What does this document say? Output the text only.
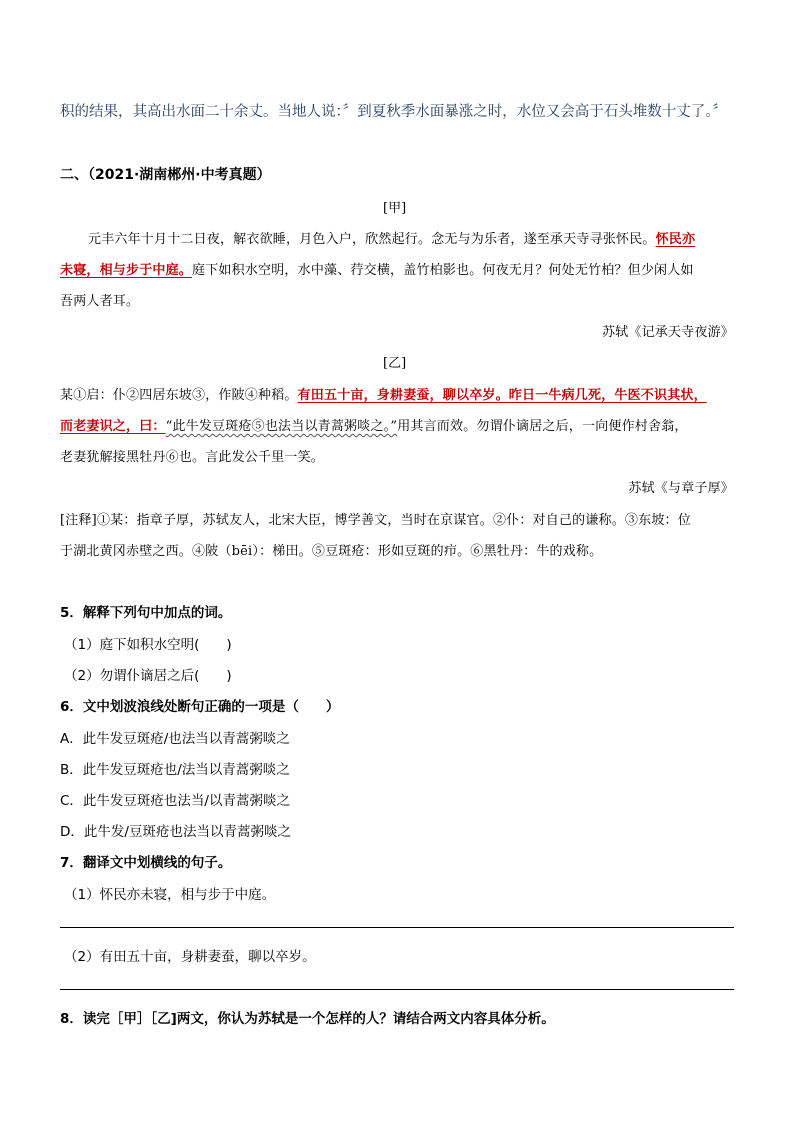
积的结果，其高出水面二十余丈。当地人说：〞到夏秋季水面暴涨之时，水位又会高于石头堆数十丈了。〞
二、（2021·湖南郴州·中考真题）
[甲]
元丰六年十月十二日夜，解衣欲睡，月色入户，欣然起行。念无与为乐者，遂至承天寺寻张怀民。怀民亦
未寝，相与步于中庭。庭下如积水空明，水中藻、荇交横，盖竹柏影也。何夜无月？何处无竹柏？但少闲人如
吾两人者耳。
苏轼《记承天寺夜游》
[乙]
某①启：仆②四居东坡③，作陂④种稻。有田五十亩，身耕妻蚕，聊以卒岁。昨日一牛病几死，牛医不识其状，
而老妻识之，曰：“此牛发豆斑疮⑤也法当以青蒿粥啖之。”用其言而效。勿谓仆谪居之后，一向便作村舍翁，
老妻犹解接黑牡丹⑥也。言此发公千里一笑。
苏轼《与章子厚》
[注释]①某：指章子厚，苏轼友人，北宋大臣，博学善文，当时在京谋官。②仆：对自己的谦称。③东坡：位
于湖北黄冈赤壁之西。④陂（bēi）：梯田。⑤豆斑疮：形如豆斑的疖。⑥黑牡丹：牛的戏称。
5．解释下列句中加点的词。
（1）庭下如积水空明(　　)
（2）勿谓仆谪居之后(　　)
6．文中划波浪线处断句正确的一项是（　　）
A．此牛发豆斑疮/也法当以青蒿粥啖之
B．此牛发豆斑疮也/法当以青蒿粥啖之
C．此牛发豆斑疮也法当/以青蒿粥啖之
D．此牛发/豆斑疮也法当以青蒿粥啖之
7．翻译文中划横线的句子。
（1）怀民亦未寝，相与步于中庭。
（2）有田五十亩，身耕妻蚕，聊以卒岁。
8．读完［甲］［乙]两文，你认为苏轼是一个怎样的人？请结合两文内容具体分析。
